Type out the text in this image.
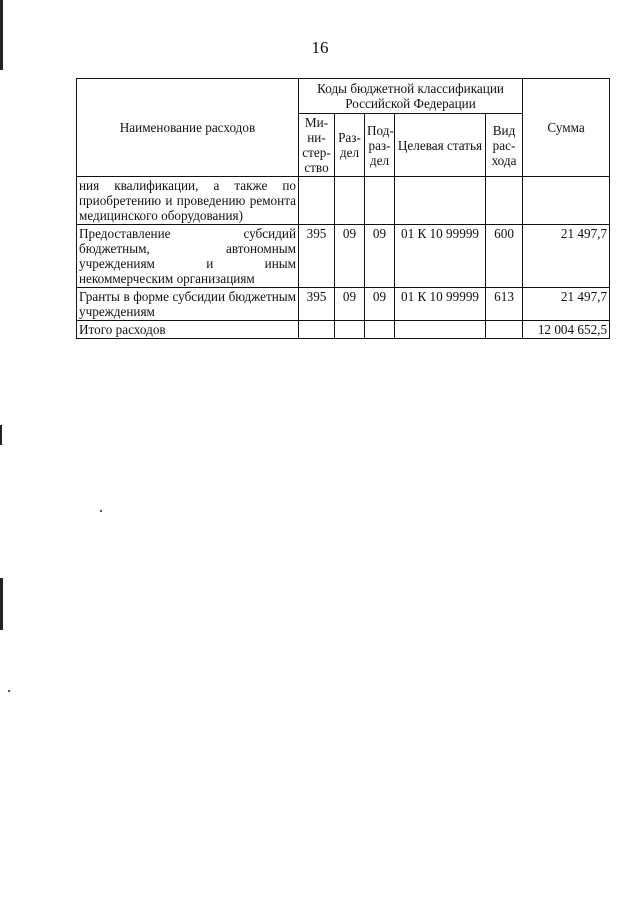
16
Наименование расходов	Коды бюджетной классификации Российской Федерации					Сумма
	Ми-ни-стер-ство	Раз-дел	Под-раз-дел	Целевая статья	Вид рас-хода	
ния квалификации, а также по приобретению и проведению ремонта медицинского оборудования)						
Предоставление субсидий бюджетным, автономным учреждениям и иным некоммерческим организациям	395	09	09	01 К 10 99999	600	21 497,7
Гранты в форме субсидии бюджетным учреждениям	395	09	09	01 К 10 99999	613	21 497,7
Итого расходов						12 004 652,5
